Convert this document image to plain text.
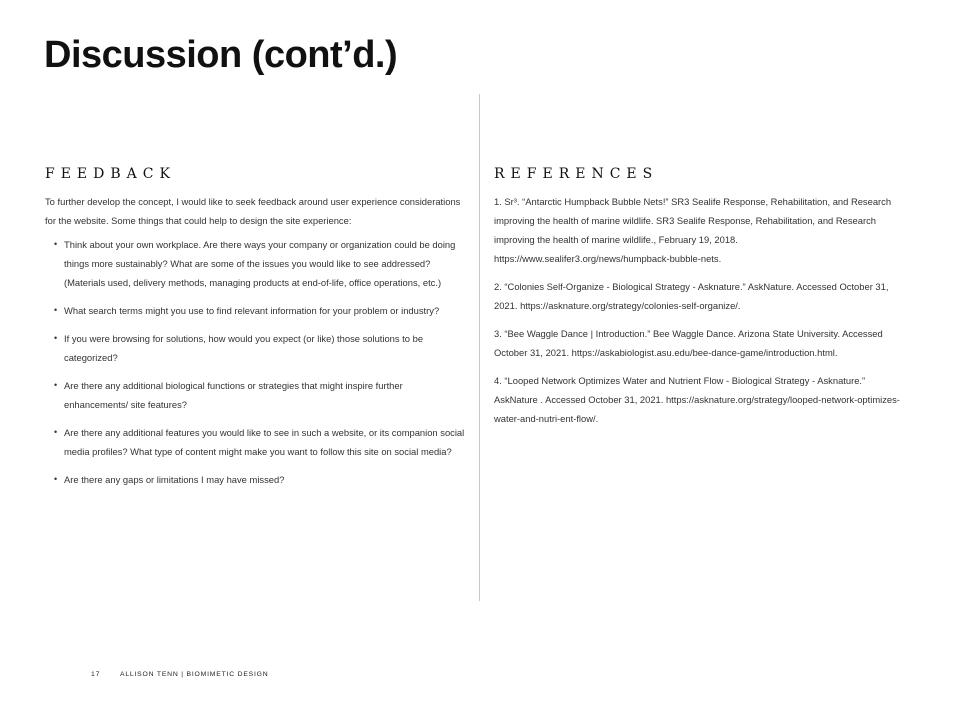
Discussion (cont’d.)
FEEDBACK

To further develop the concept, I would like to seek feedback around user experience considerations for the website. Some things that could help to design the site experience:

• Think about your own workplace. Are there ways your company or organization could be doing things more sustainably? What are some of the issues you would like to see addressed? (Materials used, delivery methods, managing products at end-of-life, office operations, etc.)
• What search terms might you use to find relevant information for your problem or industry?
• If you were browsing for solutions, how would you expect (or like) those solutions to be categorized?
• Are there any additional biological functions or strategies that might inspire further enhancements/ site features?
• Are there any additional features you would like to see in such a website, or its companion social media profiles? What type of content might make you want to follow this site on social media?
• Are there any gaps or limitations I may have missed?
REFERENCES

1. Sr³. “Antarctic Humpback Bubble Nets!” SR3 Sealife Response, Rehabilitation, and Research improving the health of marine wildlife. SR3 Sealife Response, Rehabilitation, and Research improving the health of marine wildlife., February 19, 2018. https://www.sealifer3.org/news/humpback-bubble-nets.

2. “Colonies Self-Organize - Biological Strategy - Asknature.” AskNature. Accessed October 31, 2021. https://asknature.org/strategy/colonies-self-organize/.

3. “Bee Waggle Dance | Introduction.” Bee Waggle Dance. Arizona State University. Accessed October 31, 2021. https://askabiologist.asu.edu/bee-dance-game/introduction.html.

4. “Looped Network Optimizes Water and Nutrient Flow - Biological Strategy - Asknature.” AskNature . Accessed October 31, 2021. https://asknature.org/strategy/looped-network-optimizes-water-and-nutri-ent-flow/.

17	ALLISON TENN | BIOMIMETIC DESIGN
